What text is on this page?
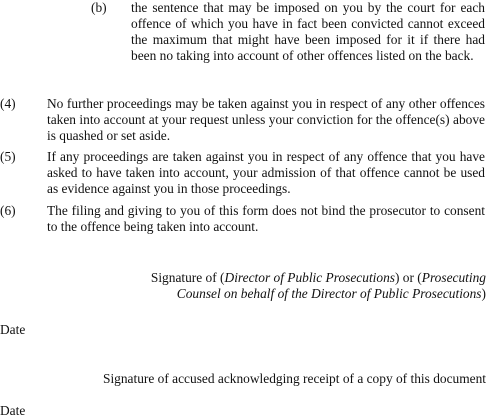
(b) the sentence that may be imposed on you by the court for each offence of which you have in fact been convicted cannot exceed the maximum that might have been imposed for it if there had been no taking into account of other offences listed on the back.
(4) No further proceedings may be taken against you in respect of any other offences taken into account at your request unless your conviction for the offence(s) above is quashed or set aside.
(5) If any proceedings are taken against you in respect of any offence that you have asked to have taken into account, your admission of that offence cannot be used as evidence against you in those proceedings.
(6) The filing and giving to you of this form does not bind the prosecutor to consent to the offence being taken into account.
Signature of (Director of Public Prosecutions) or (Prosecuting
Counsel on behalf of the Director of Public Prosecutions)
Date
Signature of accused acknowledging receipt of a copy of this document
Date
